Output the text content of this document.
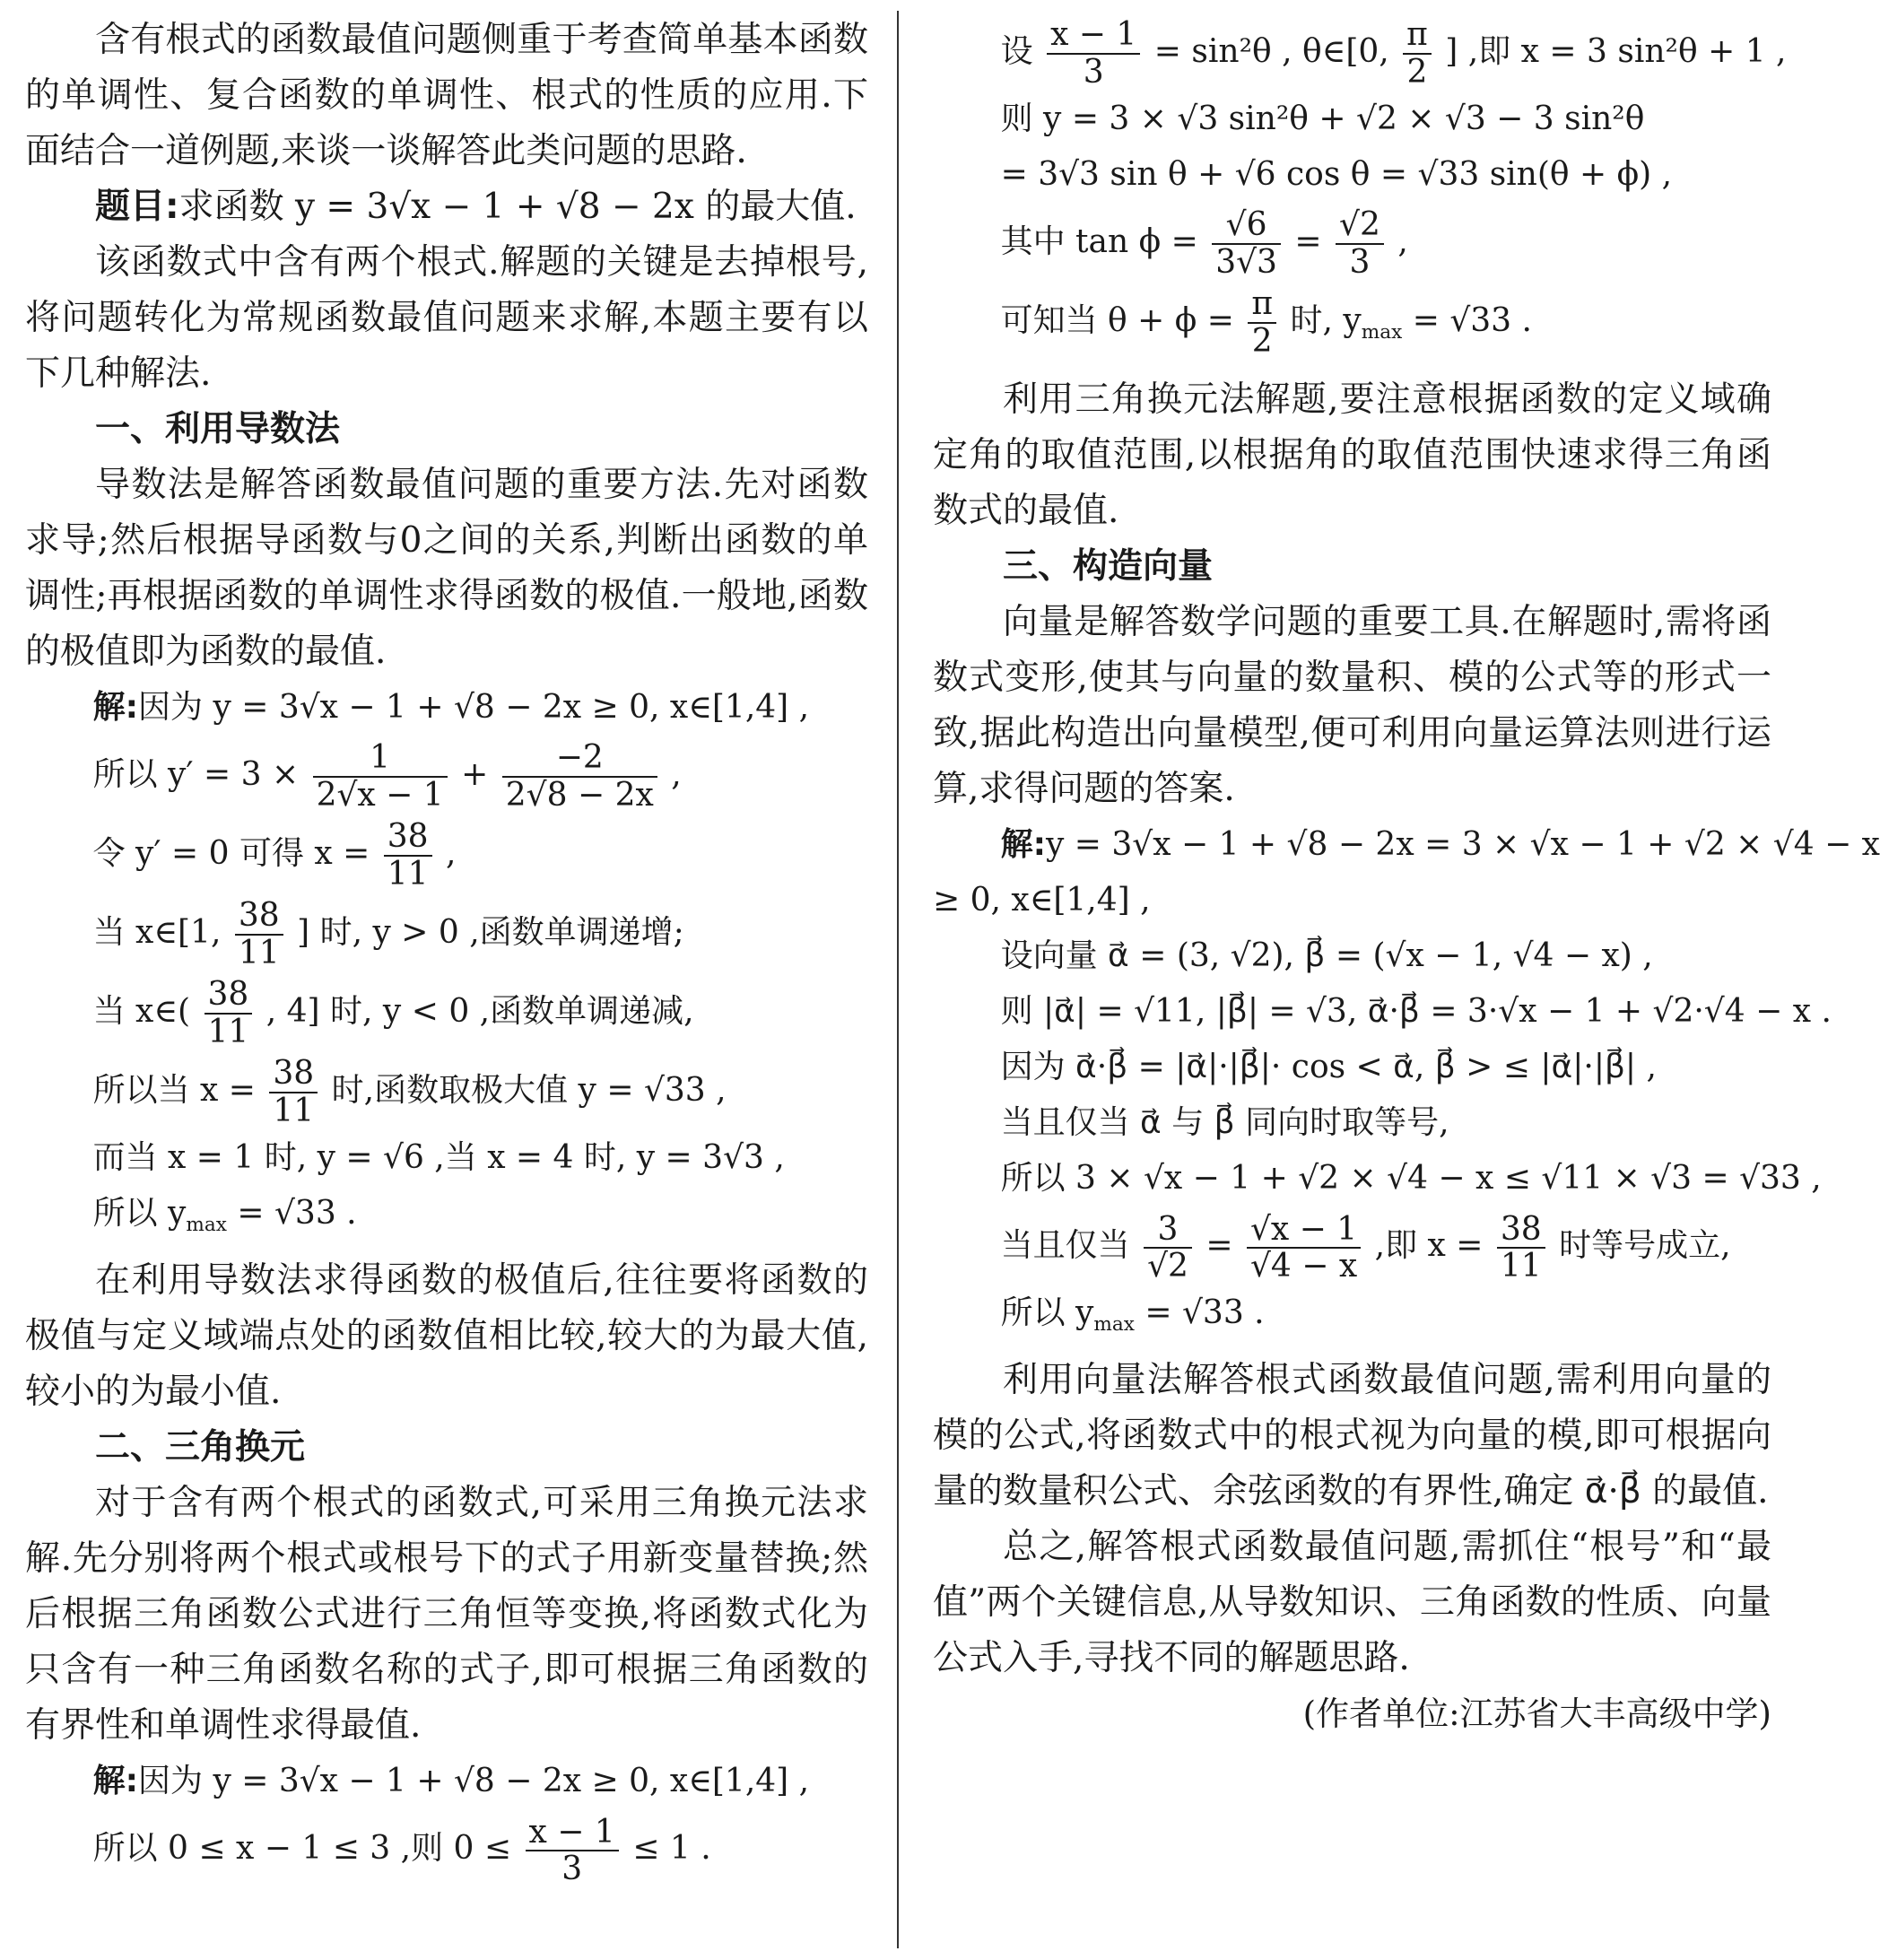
含有根式的函数最值问题侧重于考查简单基本函数的单调性、复合函数的单调性、根式的性质的应用.下面结合一道例题,来谈一谈解答此类问题的思路.

题目:求函数 y = 3√x − 1 + √8 − 2x 的最大值.

该函数式中含有两个根式.解题的关键是去掉根号,将问题转化为常规函数最值问题来求解,本题主要有以下几种解法.

一、利用导数法

导数法是解答函数最值问题的重要方法.先对函数求导;然后根据导函数与0之间的关系,判断出函数的单调性;再根据函数的单调性求得函数的极值.一般地,函数的极值即为函数的最值.

解:因为 y = 3√x − 1 + √8 − 2x ≥ 0, x∈[1,4] ,

所以 $y' = 3 \times \frac{1}{2√x - 1} + \frac{-2}{2√8 - 2x}$ ,

令 y′ = 0 可得 $x = \frac{38}{11}$ ,

当 x∈[1, $\frac{38}{11}$ ] 时, y > 0 ,函数单调递增;

当 x∈( $\frac{38}{11}$ , 4] 时, y < 0 ,函数单调递减,

所以当 $x = \frac{38}{11}$ 时,函数取极大值 y = √33 ,

而当 x = 1 时, y = √6 ,当 x = 4 时, y = 3√3 ,

所以 $y_{max} = √33$ .

在利用导数法求得函数的极值后,往往要将函数的极值与定义域端点处的函数值相比较,较大的为最大值,较小的为最小值.

二、三角换元

对于含有两个根式的函数式,可采用三角换元法求解.先分别将两个根式或根号下的式子用新变量替换;然后根据三角函数公式进行三角恒等变换,将函数式化为只含有一种三角函数名称的式子,即可根据三角函数的有界性和单调性求得最值.

解:因为 y = 3√x − 1 + √8 − 2x ≥ 0, x∈[1,4] ,

所以 0 ≤ x − 1 ≤ 3 ,则 $0 \le \frac{x - 1}{3} \le 1$ .

设 $\frac{x - 1}{3} = \sin^2\theta$ , θ∈[0, $\frac{\pi}{2}$ ] ,即 x = 3 sin²θ + 1 ,

则 y = 3 × √3 sin²θ + √2 × √3 − 3 sin²θ

= 3√3 sin θ + √6 cos θ = √33 sin(θ + ϕ) ,

其中 $\tan \phi = \frac{√6}{3√3} = \frac{√2}{3}$ ,

可知当 $\theta + \phi = \frac{\pi}{2}$ 时, $y_{max} = √33$ .

利用三角换元法解题,要注意根据函数的定义域确定角的取值范围,以根据角的取值范围快速求得三角函数式的最值.

三、构造向量

向量是解答数学问题的重要工具.在解题时,需将函数式变形,使其与向量的数量积、模的公式等的形式一致,据此构造出向量模型,便可利用向量运算法则进行运算,求得问题的答案.

解:y = 3√x − 1 + √8 − 2x = 3 × √x − 1 + √2 × √4 − x

≥ 0, x∈[1,4] ,

设向量 α⃗ = (3, √2), β⃗ = (√x − 1, √4 − x) ,

则 |α⃗| = √11, |β⃗| = √3, α⃗·β⃗ = 3·√x − 1 + √2·√4 − x .

因为 α⃗·β⃗ = |α⃗|·|β⃗|· cos < α⃗, β⃗ > ≤ |α⃗|·|β⃗| ,

当且仅当 α⃗ 与 β⃗ 同向时取等号,

所以 3 × √x − 1 + √2 × √4 − x ≤ √11 × √3 = √33 ,

当且仅当 $\frac{3}{√2} = \frac{√x - 1}{√4 - x}$ ,即 $x = \frac{38}{11}$ 时等号成立,

所以 $y_{max} = √33$ .

利用向量法解答根式函数最值问题,需利用向量的模的公式,将函数式中的根式视为向量的模,即可根据向量的数量积公式、余弦函数的有界性,确定 α⃗·β⃗ 的最值.

总之,解答根式函数最值问题,需抓住“根号”和“最值”两个关键信息,从导数知识、三角函数的性质、向量公式入手,寻找不同的解题思路.

(作者单位:江苏省大丰高级中学)
